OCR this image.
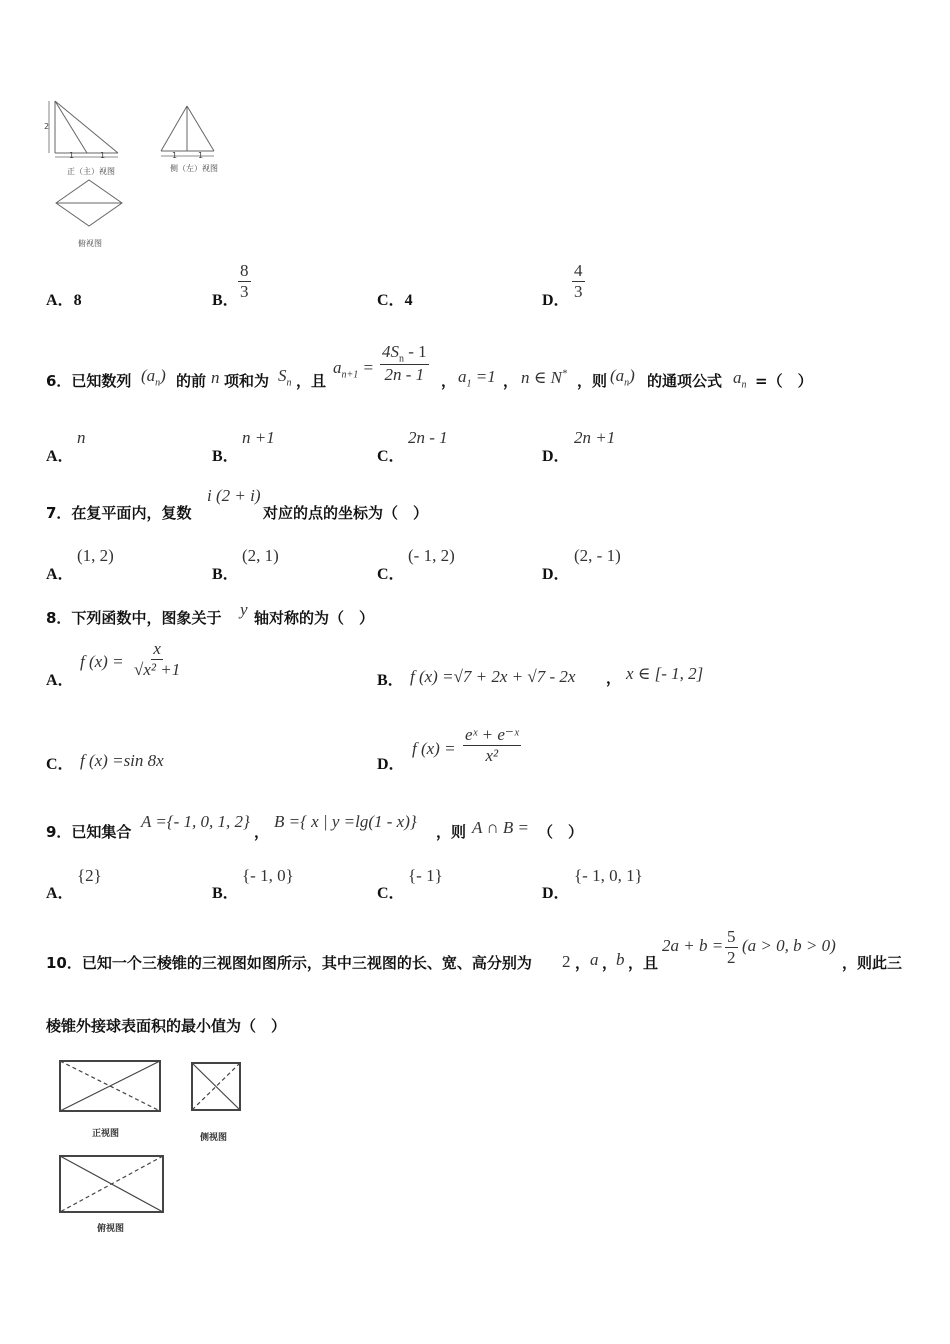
2
1	1	1	1
正（主）视图	侧（左）视图
俯视图
A．8	B． $\frac{8}{3}$	C．4	D． $\frac{4}{3}$
6．已知数列 $(a_n)$ 的前 n 项和为 $S_n$ ，且
$a_{n+1} = \frac{4S_n - 1}{2n - 1}$ ， $a_1 =1$ ， n ∈ N* ，则 $(a_n)$ 的通项公式 $a_n$ =（　）
A．
n
B．
n +1
C．
2n - 1
D．
2n +1
7．在复平面内，复数
i (2 + i)
对应的点的坐标为（　）
A．
(1, 2)
B．
(2, 1)
C．
(- 1, 2)
D．
(2, - 1)
8．下列函数中，图象关于 y 轴对称的为（　）
A．
f $(x) = \frac{x}{\text{√x² +1}}$
B． f (x) =√7 + 2x + √7 - 2x ， x ∈ [- 1, 2]
C． f (x) =sin 8x	D．
f $(x) = \frac{\text{eˣ + e⁻ˣ}}{\text{x²}}$
9．已知集合
A ={- 1, 0, 1, 2}
，
B ={ x | y =lg(1 - x)}
，则 A ∩ B = （　）
A．
{2}
B．
{- 1, 0}
C．
{- 1}
D．
{- 1, 0, 1}
10．已知一个三棱锥的三视图如图所示，其中三视图的长、宽、高分别为 2 ， a ，
b ，且
$2a + b = \frac{5}{2} (a > 0$, b > 0)
，则此三
棱锥外接球表面积的最小值为（　）
正视图	侧视图
俯视图
